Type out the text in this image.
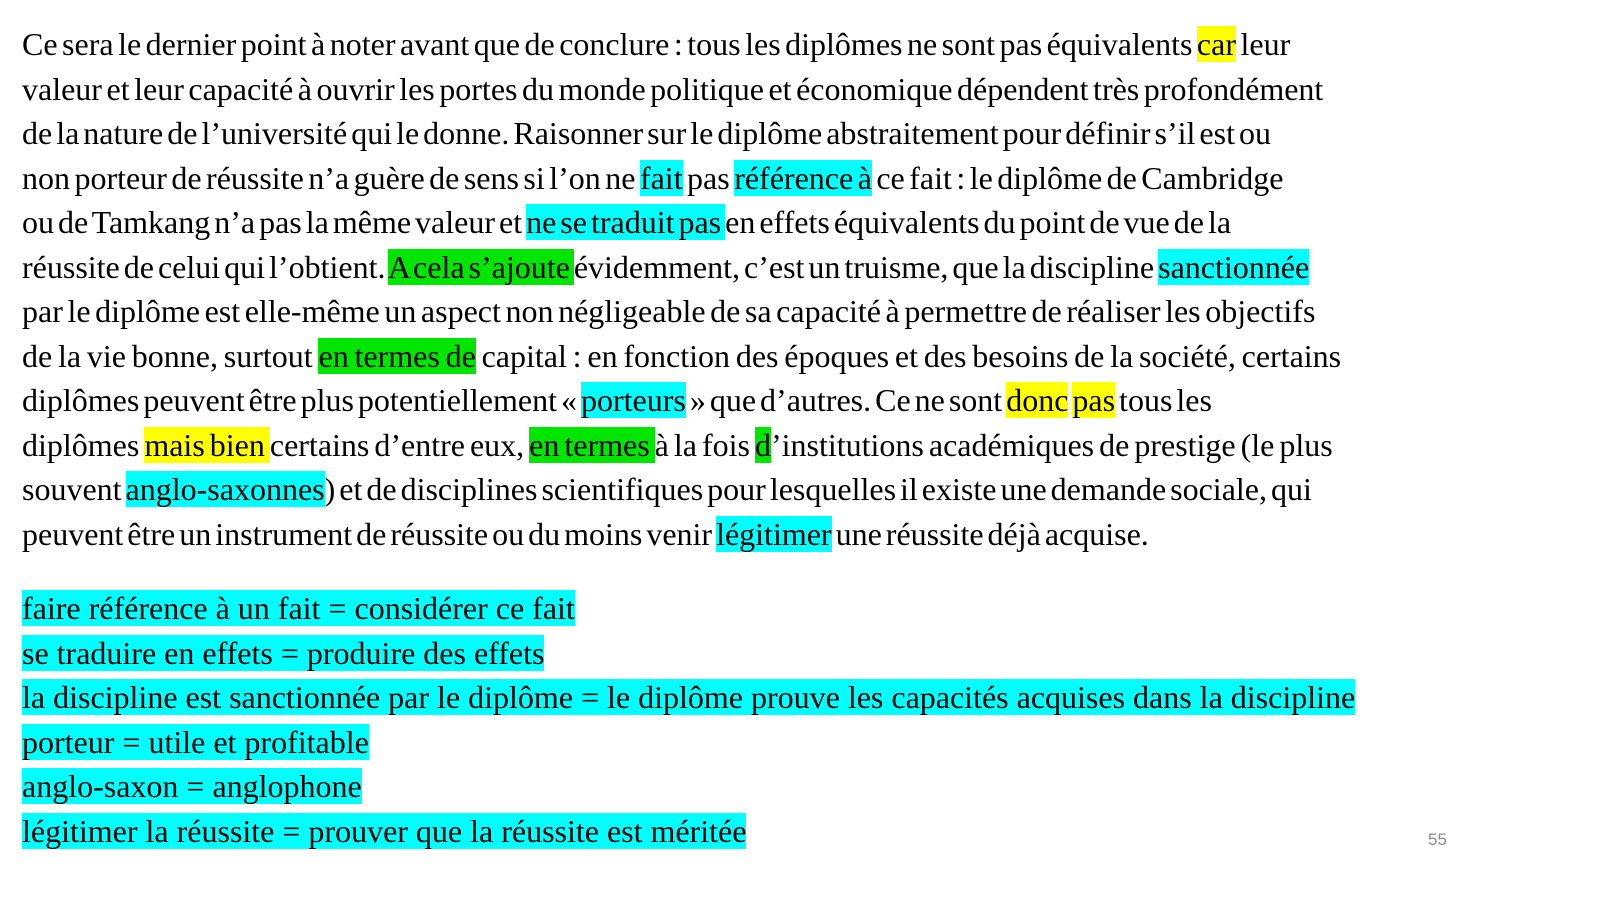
Ce sera le dernier point à noter avant que de conclure : tous les diplômes ne sont pas équivalents car leur
valeur et leur capacité à ouvrir les portes du monde politique et économique dépendent très profondément
de la nature de l’université qui le donne. Raisonner sur le diplôme abstraitement pour définir s’il est ou
non porteur de réussite n’a guère de sens si l’on ne fait pas référence à ce fait : le diplôme de Cambridge
ou de Tamkang n’a pas la même valeur et ne se traduit pas en effets équivalents du point de vue de la
réussite de celui qui l’obtient. A cela s’ajoute évidemment, c’est un truisme, que la discipline sanctionnée
par le diplôme est elle-même un aspect non négligeable de sa capacité à permettre de réaliser les objectifs
de la vie bonne, surtout en termes de capital : en fonction des époques et des besoins de la société, certains
diplômes peuvent être plus potentiellement « porteurs » que d’autres. Ce ne sont donc pas tous les
diplômes mais bien certains d’entre eux, en termes à la fois d’institutions académiques de prestige (le plus
souvent anglo-saxonnes) et de disciplines scientifiques pour lesquelles il existe une demande sociale, qui
peuvent être un instrument de réussite ou du moins venir légitimer une réussite déjà acquise.
faire référence à un fait = considérer ce fait
se traduire en effets = produire des effets
la discipline est sanctionnée par le diplôme = le diplôme prouve les capacités acquises dans la discipline
porteur = utile et profitable
anglo-saxon = anglophone
légitimer la réussite = prouver que la réussite est méritée	55
